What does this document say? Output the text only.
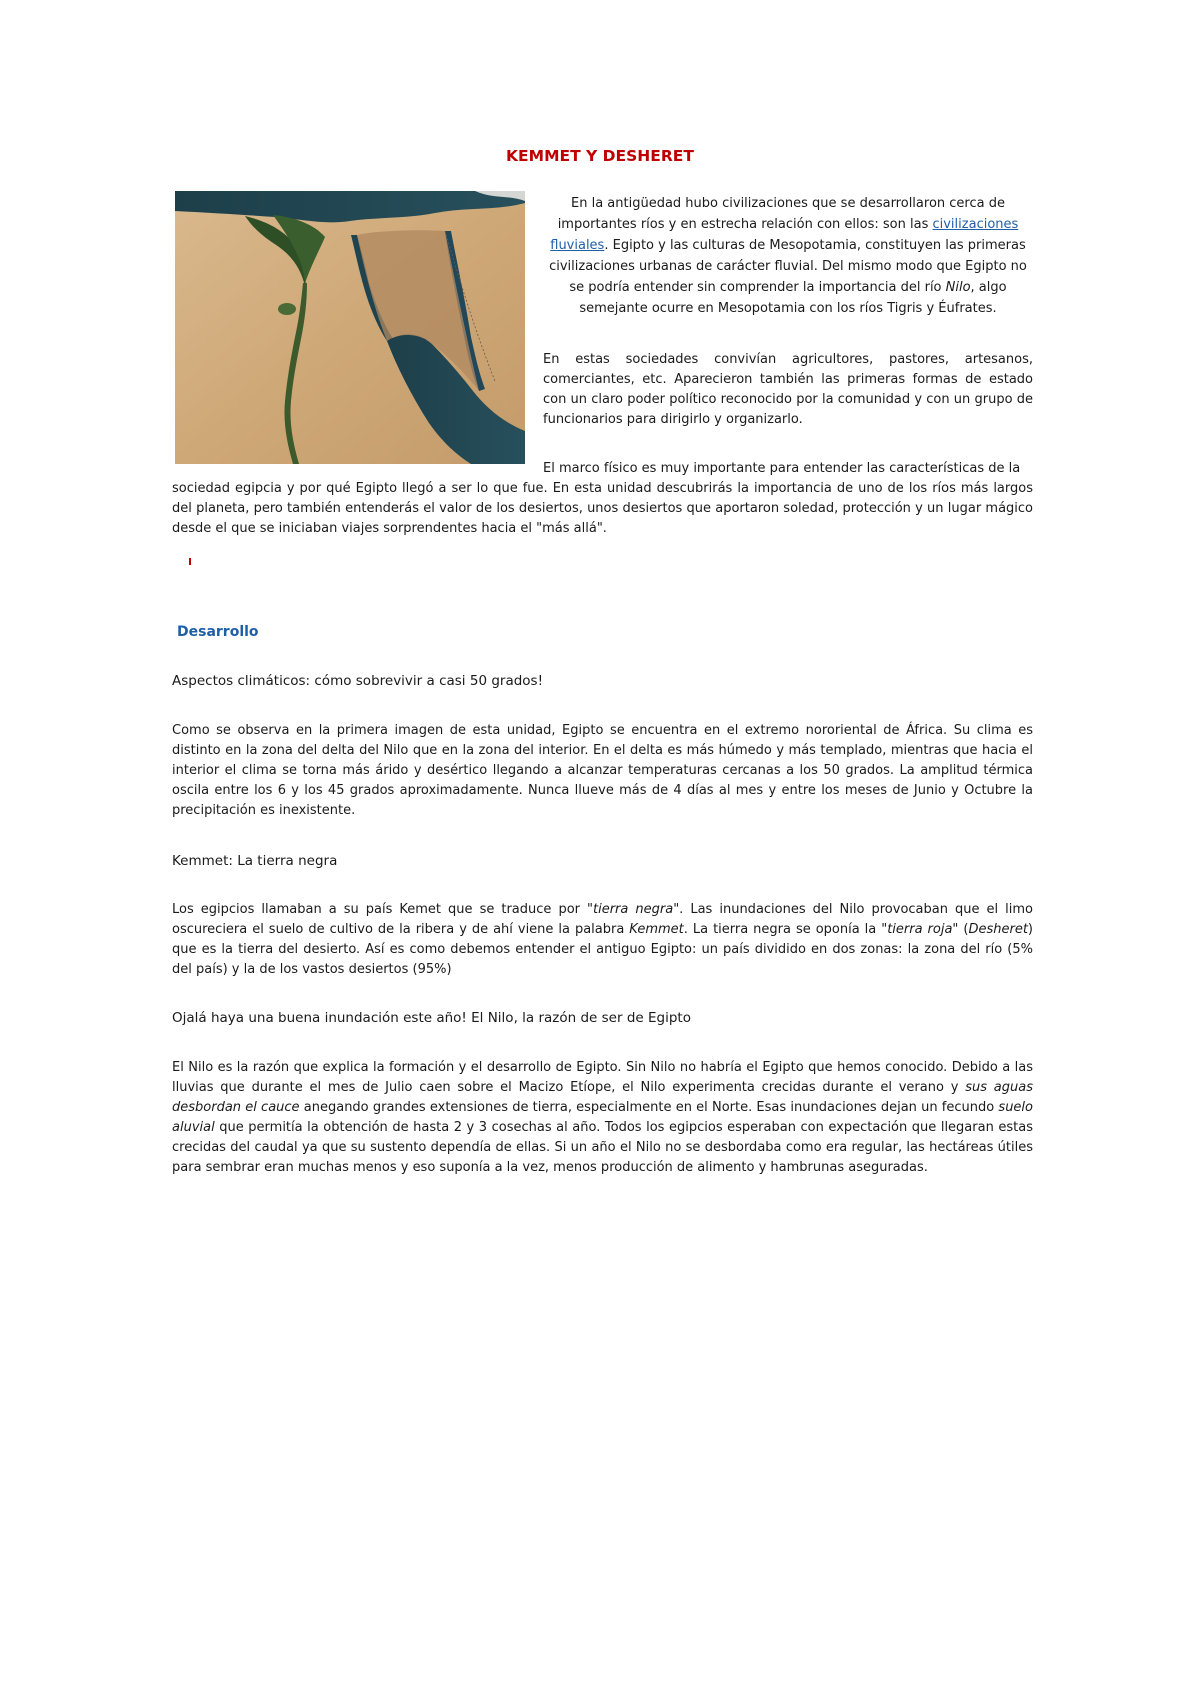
KEMMET Y DESHERET
En la antigüedad hubo civilizaciones que se desarrollaron cerca de importantes ríos y en estrecha relación con ellos: son las civilizaciones fluviales. Egipto y las culturas de Mesopotamia, constituyen las primeras civilizaciones urbanas de carácter fluvial. Del mismo modo que Egipto no se podría entender sin comprender la importancia del río Nilo, algo semejante ocurre en Mesopotamia con los ríos Tigris y Éufrates.
En estas sociedades convivían agricultores, pastores, artesanos, comerciantes, etc. Aparecieron también las primeras formas de estado con un claro poder político reconocido por la comunidad y con un grupo de funcionarios para dirigirlo y organizarlo.
El marco físico es muy importante para entender las características de la
sociedad egipcia y por qué Egipto llegó a ser lo que fue. En esta unidad descubrirás la importancia de uno de los ríos más largos del planeta, pero también entenderás el valor de los desiertos, unos desiertos que aportaron soledad, protección y un lugar mágico desde el que se iniciaban viajes sorprendentes hacia el "más allá".
Desarrollo
Aspectos climáticos: cómo sobrevivir a casi 50 grados!
Como se observa en la primera imagen de esta unidad, Egipto se encuentra en el extremo nororiental de África. Su clima es distinto en la zona del delta del Nilo que en la zona del interior. En el delta es más húmedo y más templado, mientras que hacia el interior el clima se torna más árido y desértico llegando a alcanzar temperaturas cercanas a los 50 grados. La amplitud térmica oscila entre los 6 y los 45 grados aproximadamente. Nunca llueve más de 4 días al mes y entre los meses de Junio y Octubre la precipitación es inexistente.
Kemmet: La tierra negra
Los egipcios llamaban a su país Kemet que se traduce por "tierra negra". Las inundaciones del Nilo provocaban que el limo oscureciera el suelo de cultivo de la ribera y de ahí viene la palabra Kemmet. La tierra negra se oponía la "tierra roja" (Desheret) que es la tierra del desierto. Así es como debemos entender el antiguo Egipto: un país dividido en dos zonas: la zona del río (5% del país) y la de los vastos desiertos (95%)
Ojalá haya una buena inundación este año! El Nilo, la razón de ser de Egipto
El Nilo es la razón que explica la formación y el desarrollo de Egipto. Sin Nilo no habría el Egipto que hemos conocido. Debido a las lluvias que durante el mes de Julio caen sobre el Macizo Etíope, el Nilo experimenta crecidas durante el verano y sus aguas desbordan el cauce anegando grandes extensiones de tierra, especialmente en el Norte. Esas inundaciones dejan un fecundo suelo aluvial que permitía la obtención de hasta 2 y 3 cosechas al año. Todos los egipcios esperaban con expectación que llegaran estas crecidas del caudal ya que su sustento dependía de ellas. Si un año el Nilo no se desbordaba como era regular, las hectáreas útiles para sembrar eran muchas menos y eso suponía a la vez, menos producción de alimento y hambrunas aseguradas.
